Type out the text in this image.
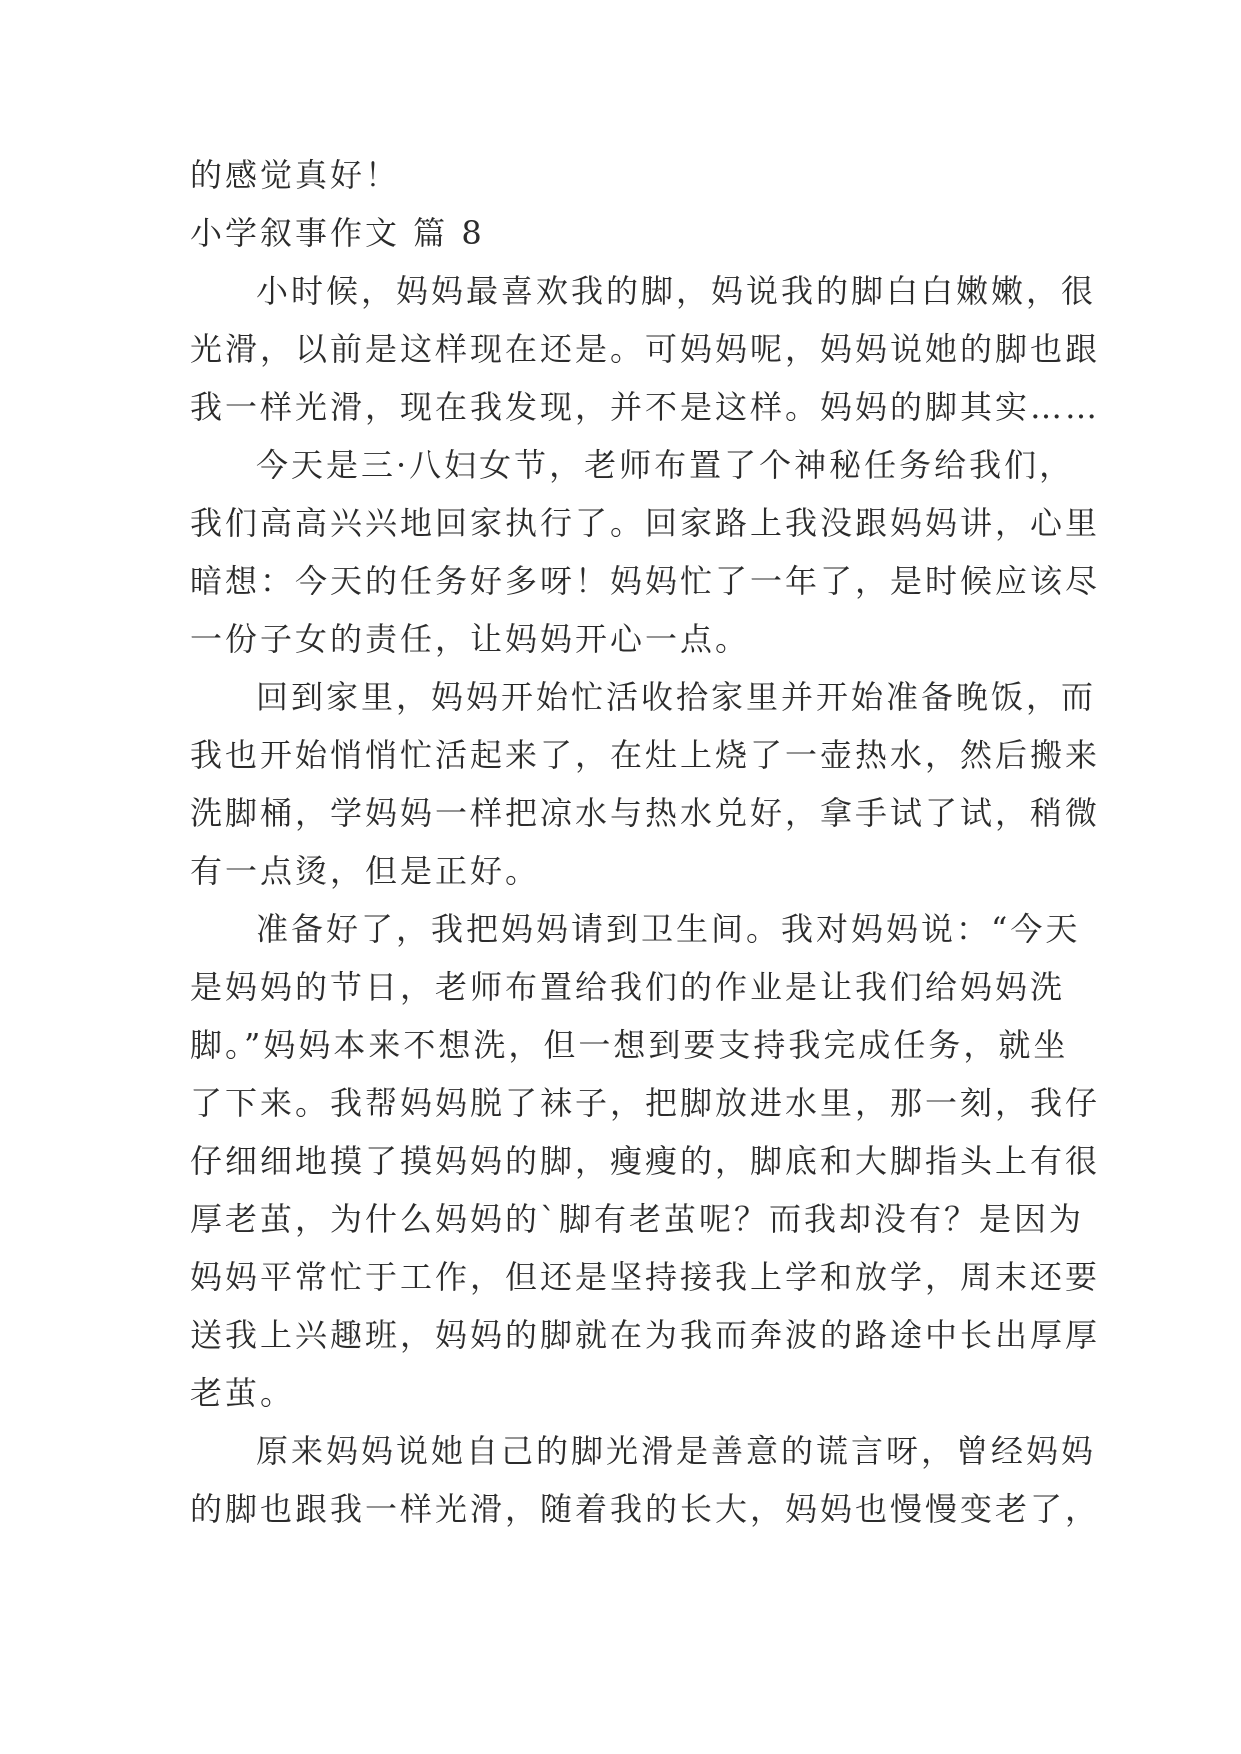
的感觉真好！
小学叙事作文 篇 8
小时候，妈妈最喜欢我的脚，妈说我的脚白白嫩嫩，很
光滑，以前是这样现在还是。可妈妈呢，妈妈说她的脚也跟
我一样光滑，现在我发现，并不是这样。妈妈的脚其实……
今天是三·八妇女节，老师布置了个神秘任务给我们，
我们高高兴兴地回家执行了。回家路上我没跟妈妈讲，心里
暗想：今天的任务好多呀！妈妈忙了一年了，是时候应该尽
一份子女的责任，让妈妈开心一点。
回到家里，妈妈开始忙活收拾家里并开始准备晚饭，而
我也开始悄悄忙活起来了，在灶上烧了一壶热水，然后搬来
洗脚桶，学妈妈一样把凉水与热水兑好，拿手试了试，稍微
有一点烫，但是正好。
准备好了，我把妈妈请到卫生间。我对妈妈说：“今天
是妈妈的节日，老师布置给我们的作业是让我们给妈妈洗
脚。”妈妈本来不想洗，但一想到要支持我完成任务，就坐
了下来。我帮妈妈脱了袜子，把脚放进水里，那一刻，我仔
仔细细地摸了摸妈妈的脚，瘦瘦的，脚底和大脚指头上有很
厚老茧，为什么妈妈的`脚有老茧呢？而我却没有？是因为
妈妈平常忙于工作，但还是坚持接我上学和放学，周末还要
送我上兴趣班，妈妈的脚就在为我而奔波的路途中长出厚厚
老茧。
原来妈妈说她自己的脚光滑是善意的谎言呀，曾经妈妈
的脚也跟我一样光滑，随着我的长大，妈妈也慢慢变老了，
